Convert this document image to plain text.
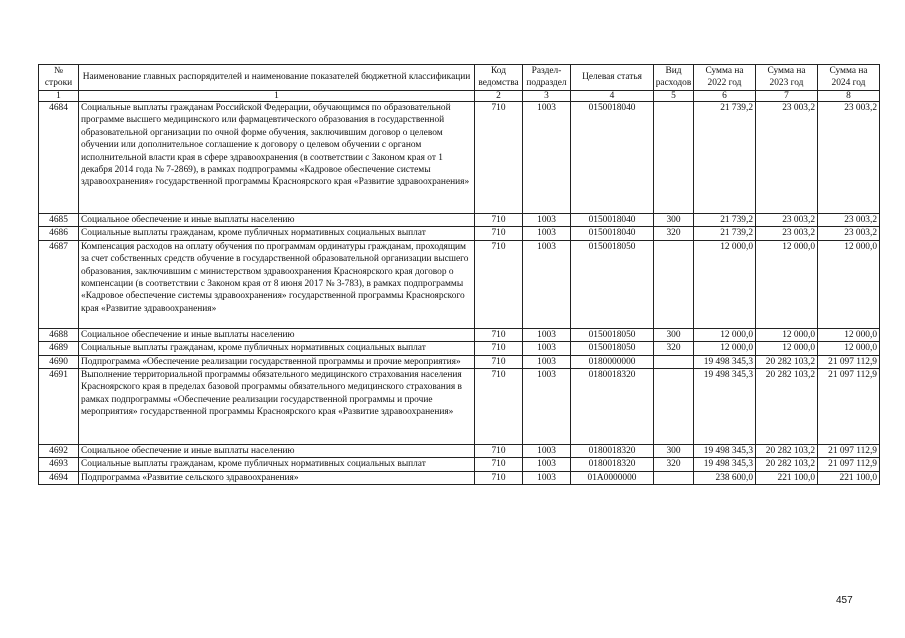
№ строки	Наименование главных распорядителей и наименование показателей бюджетной классификации	Код ведомства	Раздел-подраздел	Целевая статья	Вид расходов	Сумма на 2022 год	Сумма на 2023 год	Сумма на 2024 год
1	1	2	3	4	5	6	7	8
4684	Социальные выплаты гражданам Российской Федерации, обучающимся по образовательной программе высшего медицинского или фармацевтического образования в государственной образовательной организации по очной форме обучения, заключившим договор о целевом обучении или дополнительное соглашение к договору о целевом обучении с органом исполнительной власти края в сфере здравоохранения (в соответствии с Законом края от 1 декабря 2014 года № 7-2869), в рамках подпрограммы «Кадровое обеспечение системы здравоохранения» государственной программы Красноярского края «Развитие здравоохранения»	710	1003	0150018040		21 739,2	23 003,2	23 003,2
4685	Социальное обеспечение и иные выплаты населению	710	1003	0150018040	300	21 739,2	23 003,2	23 003,2
4686	Социальные выплаты гражданам, кроме публичных нормативных социальных выплат	710	1003	0150018040	320	21 739,2	23 003,2	23 003,2
4687	Компенсация расходов на оплату обучения по программам ординатуры гражданам, проходящим за счет собственных средств обучение в государственной образовательной организации высшего образования, заключившим с министерством здравоохранения Красноярского края договор о компенсации (в соответствии с Законом края от 8 июня 2017 № 3-783), в рамках подпрограммы «Кадровое обеспечение системы здравоохранения» государственной программы Красноярского края «Развитие здравоохранения»	710	1003	0150018050		12 000,0	12 000,0	12 000,0
4688	Социальное обеспечение и иные выплаты населению	710	1003	0150018050	300	12 000,0	12 000,0	12 000,0
4689	Социальные выплаты гражданам, кроме публичных нормативных социальных выплат	710	1003	0150018050	320	12 000,0	12 000,0	12 000,0
4690	Подпрограмма «Обеспечение реализации государственной программы и прочие мероприятия»	710	1003	0180000000		19 498 345,3	20 282 103,2	21 097 112,9
4691	Выполнение территориальной программы обязательного медицинского страхования населения Красноярского края в пределах базовой программы обязательного медицинского страхования в рамках подпрограммы «Обеспечение реализации государственной программы и прочие мероприятия» государственной программы Красноярского края «Развитие здравоохранения»	710	1003	0180018320		19 498 345,3	20 282 103,2	21 097 112,9
4692	Социальное обеспечение и иные выплаты населению	710	1003	0180018320	300	19 498 345,3	20 282 103,2	21 097 112,9
4693	Социальные выплаты гражданам, кроме публичных нормативных социальных выплат	710	1003	0180018320	320	19 498 345,3	20 282 103,2	21 097 112,9
4694	Подпрограмма «Развитие сельского здравоохранения»	710	1003	01А0000000		238 600,0	221 100,0	221 100,0
457
